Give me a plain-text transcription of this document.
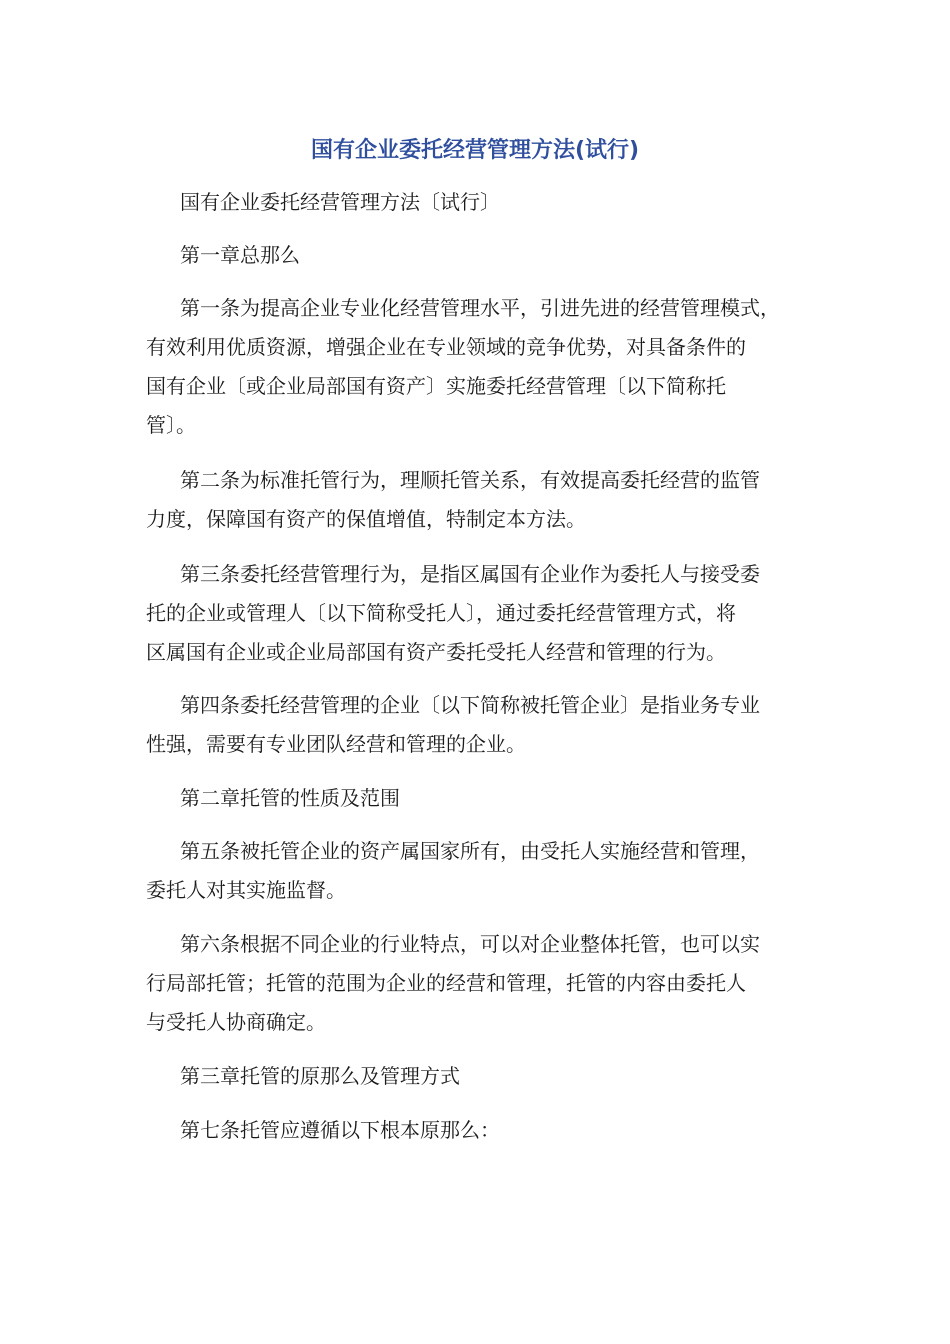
国有企业委托经营管理方法(试行)
国有企业委托经营管理方法〔试行〕
第一章总那么
第一条为提高企业专业化经营管理水平，引进先进的经营管理模式，
有效利用优质资源，增强企业在专业领域的竞争优势，对具备条件的
国有企业〔或企业局部国有资产〕实施委托经营管理〔以下简称托
管〕。
第二条为标准托管行为，理顺托管关系，有效提高委托经营的监管
力度，保障国有资产的保值增值，特制定本方法。
第三条委托经营管理行为，是指区属国有企业作为委托人与接受委
托的企业或管理人〔以下简称受托人〕，通过委托经营管理方式，将
区属国有企业或企业局部国有资产委托受托人经营和管理的行为。
第四条委托经营管理的企业〔以下简称被托管企业〕是指业务专业
性强，需要有专业团队经营和管理的企业。
第二章托管的性质及范围
第五条被托管企业的资产属国家所有，由受托人实施经营和管理，
委托人对其实施监督。
第六条根据不同企业的行业特点，可以对企业整体托管，也可以实
行局部托管；托管的范围为企业的经营和管理，托管的内容由委托人
与受托人协商确定。
第三章托管的原那么及管理方式
第七条托管应遵循以下根本原那么：
